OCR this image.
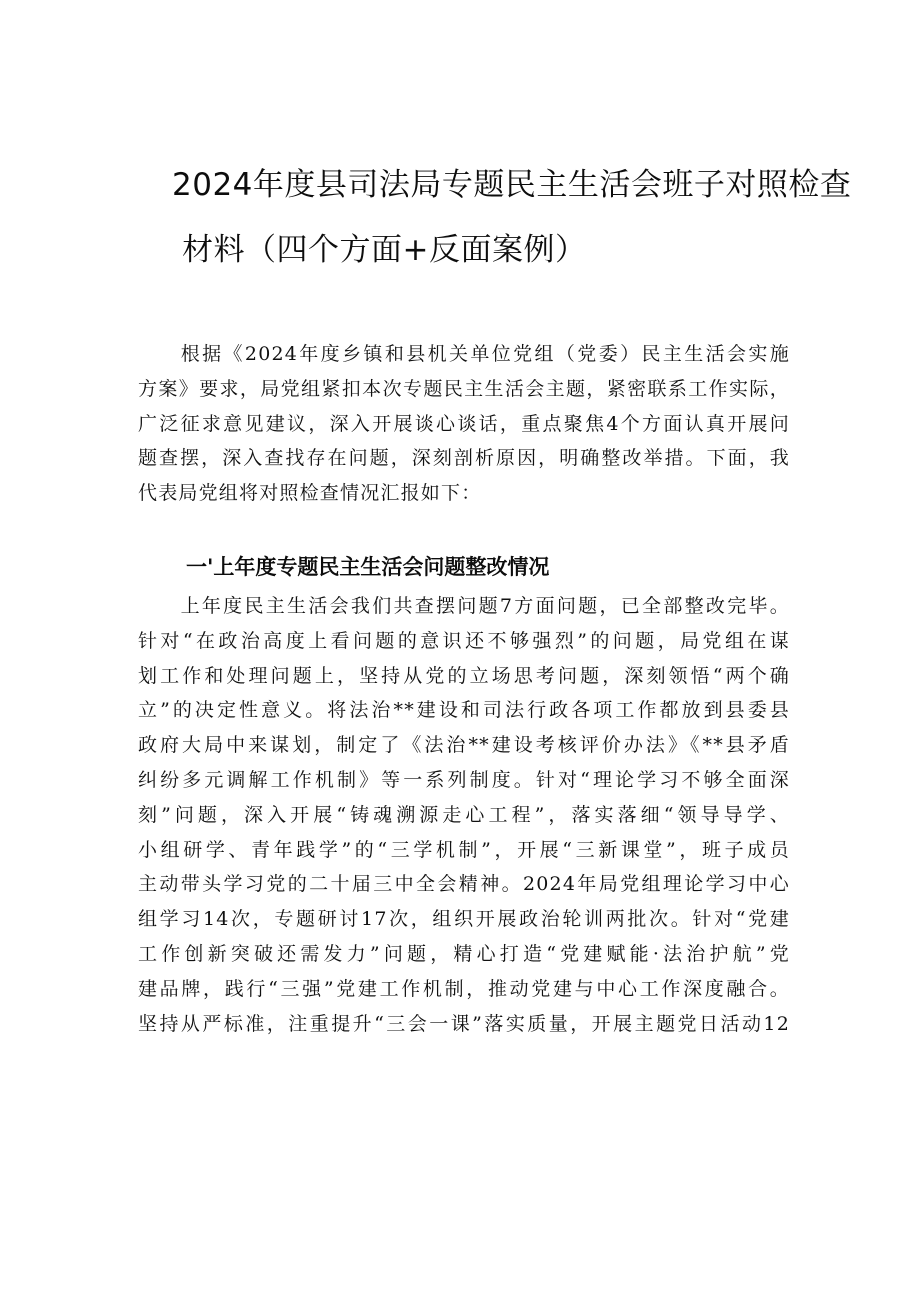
2024年度县司法局专题民主生活会班子对照检查
材料（四个方面+反面案例）
　　根据《2024年度乡镇和县机关单位党组（党委）民主生活会实施
方案》要求，局党组紧扣本次专题民主生活会主题，紧密联系工作实际，
广泛征求意见建议，深入开展谈心谈话，重点聚焦4个方面认真开展问
题查摆，深入查找存在问题，深刻剖析原因，明确整改举措。下面，我
代表局党组将对照检查情况汇报如下：
一'上年度专题民主生活会问题整改情况
　　上年度民主生活会我们共查摆问题7方面问题，已全部整改完毕。
针对“在政治高度上看问题的意识还不够强烈”的问题，局党组在谋
划工作和处理问题上，坚持从党的立场思考问题，深刻领悟“两个确
立”的决定性意义。将法治**建设和司法行政各项工作都放到县委县
政府大局中来谋划，制定了《法治**建设考核评价办法》《**县矛盾
纠纷多元调解工作机制》等一系列制度。针对“理论学习不够全面深
刻”问题，深入开展“铸魂溯源走心工程”，落实落细“领导导学、
小组研学、青年践学”的“三学机制”，开展“三新课堂”，班子成员
主动带头学习党的二十届三中全会精神。2024年局党组理论学习中心
组学习14次，专题研讨17次，组织开展政治轮训两批次。针对“党建
工作创新突破还需发力”问题，精心打造“党建赋能·法治护航”党
建品牌，践行“三强”党建工作机制，推动党建与中心工作深度融合。
坚持从严标准，注重提升“三会一课”落实质量，开展主题党日活动12
